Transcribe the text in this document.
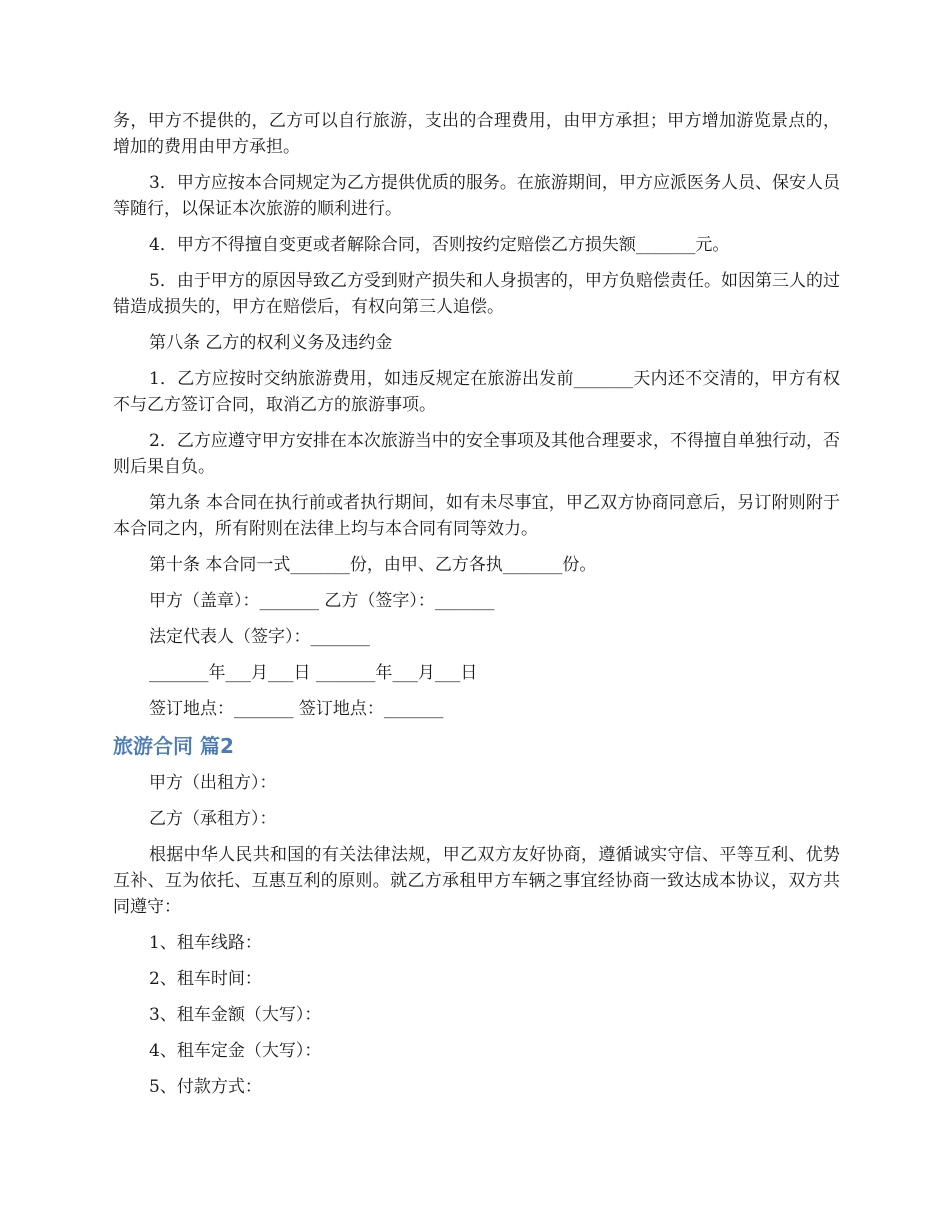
务，甲方不提供的，乙方可以自行旅游，支出的合理费用，由甲方承担；甲方增加游览景点的，增加的费用由甲方承担。

3．甲方应按本合同规定为乙方提供优质的服务。在旅游期间，甲方应派医务人员、保安人员等随行，以保证本次旅游的顺利进行。

4．甲方不得擅自变更或者解除合同，否则按约定赔偿乙方损失额_______元。

5．由于甲方的原因导致乙方受到财产损失和人身损害的，甲方负赔偿责任。如因第三人的过错造成损失的，甲方在赔偿后，有权向第三人追偿。

第八条 乙方的权利义务及违约金

1．乙方应按时交纳旅游费用，如违反规定在旅游出发前_______天内还不交清的，甲方有权不与乙方签订合同，取消乙方的旅游事项。

2．乙方应遵守甲方安排在本次旅游当中的安全事项及其他合理要求，不得擅自单独行动，否则后果自负。

第九条 本合同在执行前或者执行期间，如有未尽事宜，甲乙双方协商同意后，另订附则附于本合同之内，所有附则在法律上均与本合同有同等效力。

第十条 本合同一式_______份，由甲、乙方各执_______份。

甲方（盖章）：_______ 乙方（签字）：_______

法定代表人（签字）：_______

_______年___月___日 _______年___月___日

签订地点：_______ 签订地点：_______

旅游合同 篇2

甲方（出租方）：

乙方（承租方）：

根据中华人民共和国的有关法律法规，甲乙双方友好协商，遵循诚实守信、平等互利、优势互补、互为依托、互惠互利的原则。就乙方承租甲方车辆之事宜经协商一致达成本协议，双方共同遵守：

1、租车线路：

2、租车时间：

3、租车金额（大写）：

4、租车定金（大写）：

5、付款方式：
